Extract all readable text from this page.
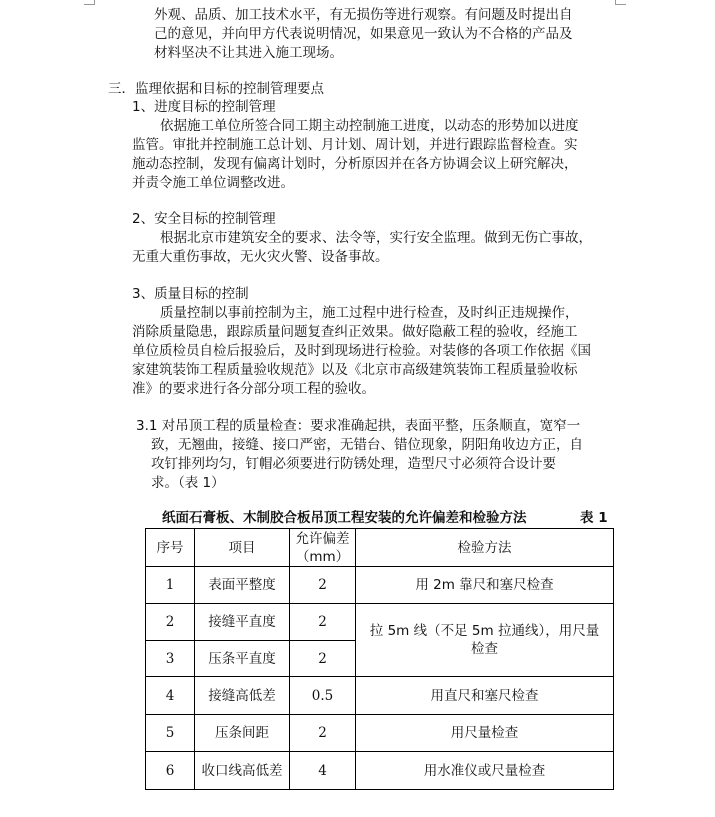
外观、品质、加工技术水平，有无损伤等进行观察。有问题及时提出自
己的意见，并向甲方代表说明情况，如果意见一致认为不合格的产品及
材料坚决不让其进入施工现场。
三．监理依据和目标的控制管理要点
1、进度目标的控制管理
依据施工单位所签合同工期主动控制施工进度，以动态的形势加以进度
监管。审批并控制施工总计划、月计划、周计划，并进行跟踪监督检查。实
施动态控制，发现有偏离计划时，分析原因并在各方协调会议上研究解决，
并责令施工单位调整改进。
2、安全目标的控制管理
根据北京市建筑安全的要求、法令等，实行安全监理。做到无伤亡事故，
无重大重伤事故，无火灾火警、设备事故。
3、质量目标的控制
质量控制以事前控制为主，施工过程中进行检查，及时纠正违规操作，
消除质量隐患，跟踪质量问题复查纠正效果。做好隐蔽工程的验收，经施工
单位质检员自检后报验后，及时到现场进行检验。对装修的各项工作依据《国
家建筑装饰工程质量验收规范》以及《北京市高级建筑装饰工程质量验收标
准》的要求进行各分部分项工程的验收。
3.1 对吊顶工程的质量检查：要求准确起拱，表面平整，压条顺直，宽窄一
致，无翘曲，接缝、接口严密，无错台、错位现象，阴阳角收边方正，自
攻钉排列均匀，钉帽必须要进行防锈处理，造型尺寸必须符合设计要
求。（表 1）
纸面石膏板、木制胶合板吊顶工程安装的允许偏差和检验方法	表 1
序号	项目	允许偏差（mm）	检验方法
1	表面平整度	2	用 2m 靠尺和塞尺检查
2	接缝平直度	2	拉 5m 线（不足 5m 拉通线），用尺量检查
3	压条平直度	2	
4	接缝高低差	0.5	用直尺和塞尺检查
5	压条间距	2	用尺量检查
6	收口线高低差	4	用水准仪或尺量检查
